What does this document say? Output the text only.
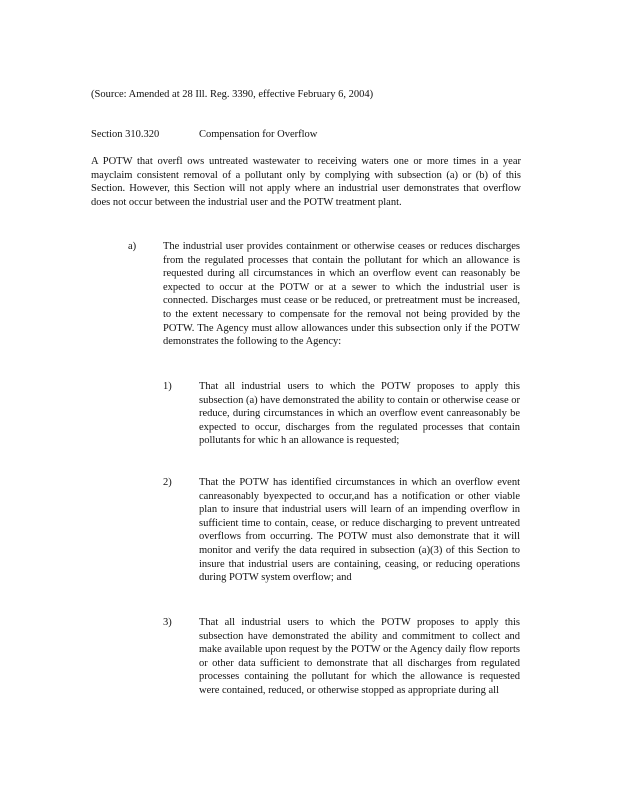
(Source: Amended at 28 Ill. Reg. 3390, effective February 6, 2004)

Section 310.320	Compensation for Overflow

A POTW that overfl ows untreated wastewater to receiving waters one or more times in a year mayclaim consistent removal of a pollutant only by complying with subsection (a) or (b) of this Section. However, this Section will not apply where an industrial user demonstrates that overflow does not occur between the industrial user and the POTW treatment plant.

a)	The industrial user provides containment or otherwise ceases or reduces discharges from the regulated processes that contain the pollutant for which an allowance is requested during all circumstances in which an overflow event can reasonably be expected to occur at the POTW or at a sewer to which the industrial user is connected. Discharges must cease or be reduced, or pretreatment must be increased, to the extent necessary to compensate for the removal not being provided by the POTW. The Agency must allow allowances under this subsection only if the POTW demonstrates the following to the Agency:

1)	That all industrial users to which the POTW proposes to apply this subsection (a) have demonstrated the ability to contain or otherwise cease or reduce, during circumstances in which an overflow event canreasonably be expected to occur, discharges from the regulated processes that contain pollutants for whic h an allowance is requested;

2)	That the POTW has identified circumstances in which an overflow event canreasonably byexpected to occur,and has a notification or other viable plan to insure that industrial users will learn of an impending overflow in sufficient time to contain, cease, or reduce discharging to prevent untreated overflows from occurring. The POTW must also demonstrate that it will monitor and verify the data required in subsection (a)(3) of this Section to insure that industrial users are containing, ceasing, or reducing operations during POTW system overflow; and

3)	That all industrial users to which the POTW proposes to apply this subsection have demonstrated the ability and commitment to collect and make available upon request by the POTW or the Agency daily flow reports or other data sufficient to demonstrate that all discharges from regulated processes containing the pollutant for which the allowance is requested were contained, reduced, or otherwise stopped as appropriate during all
